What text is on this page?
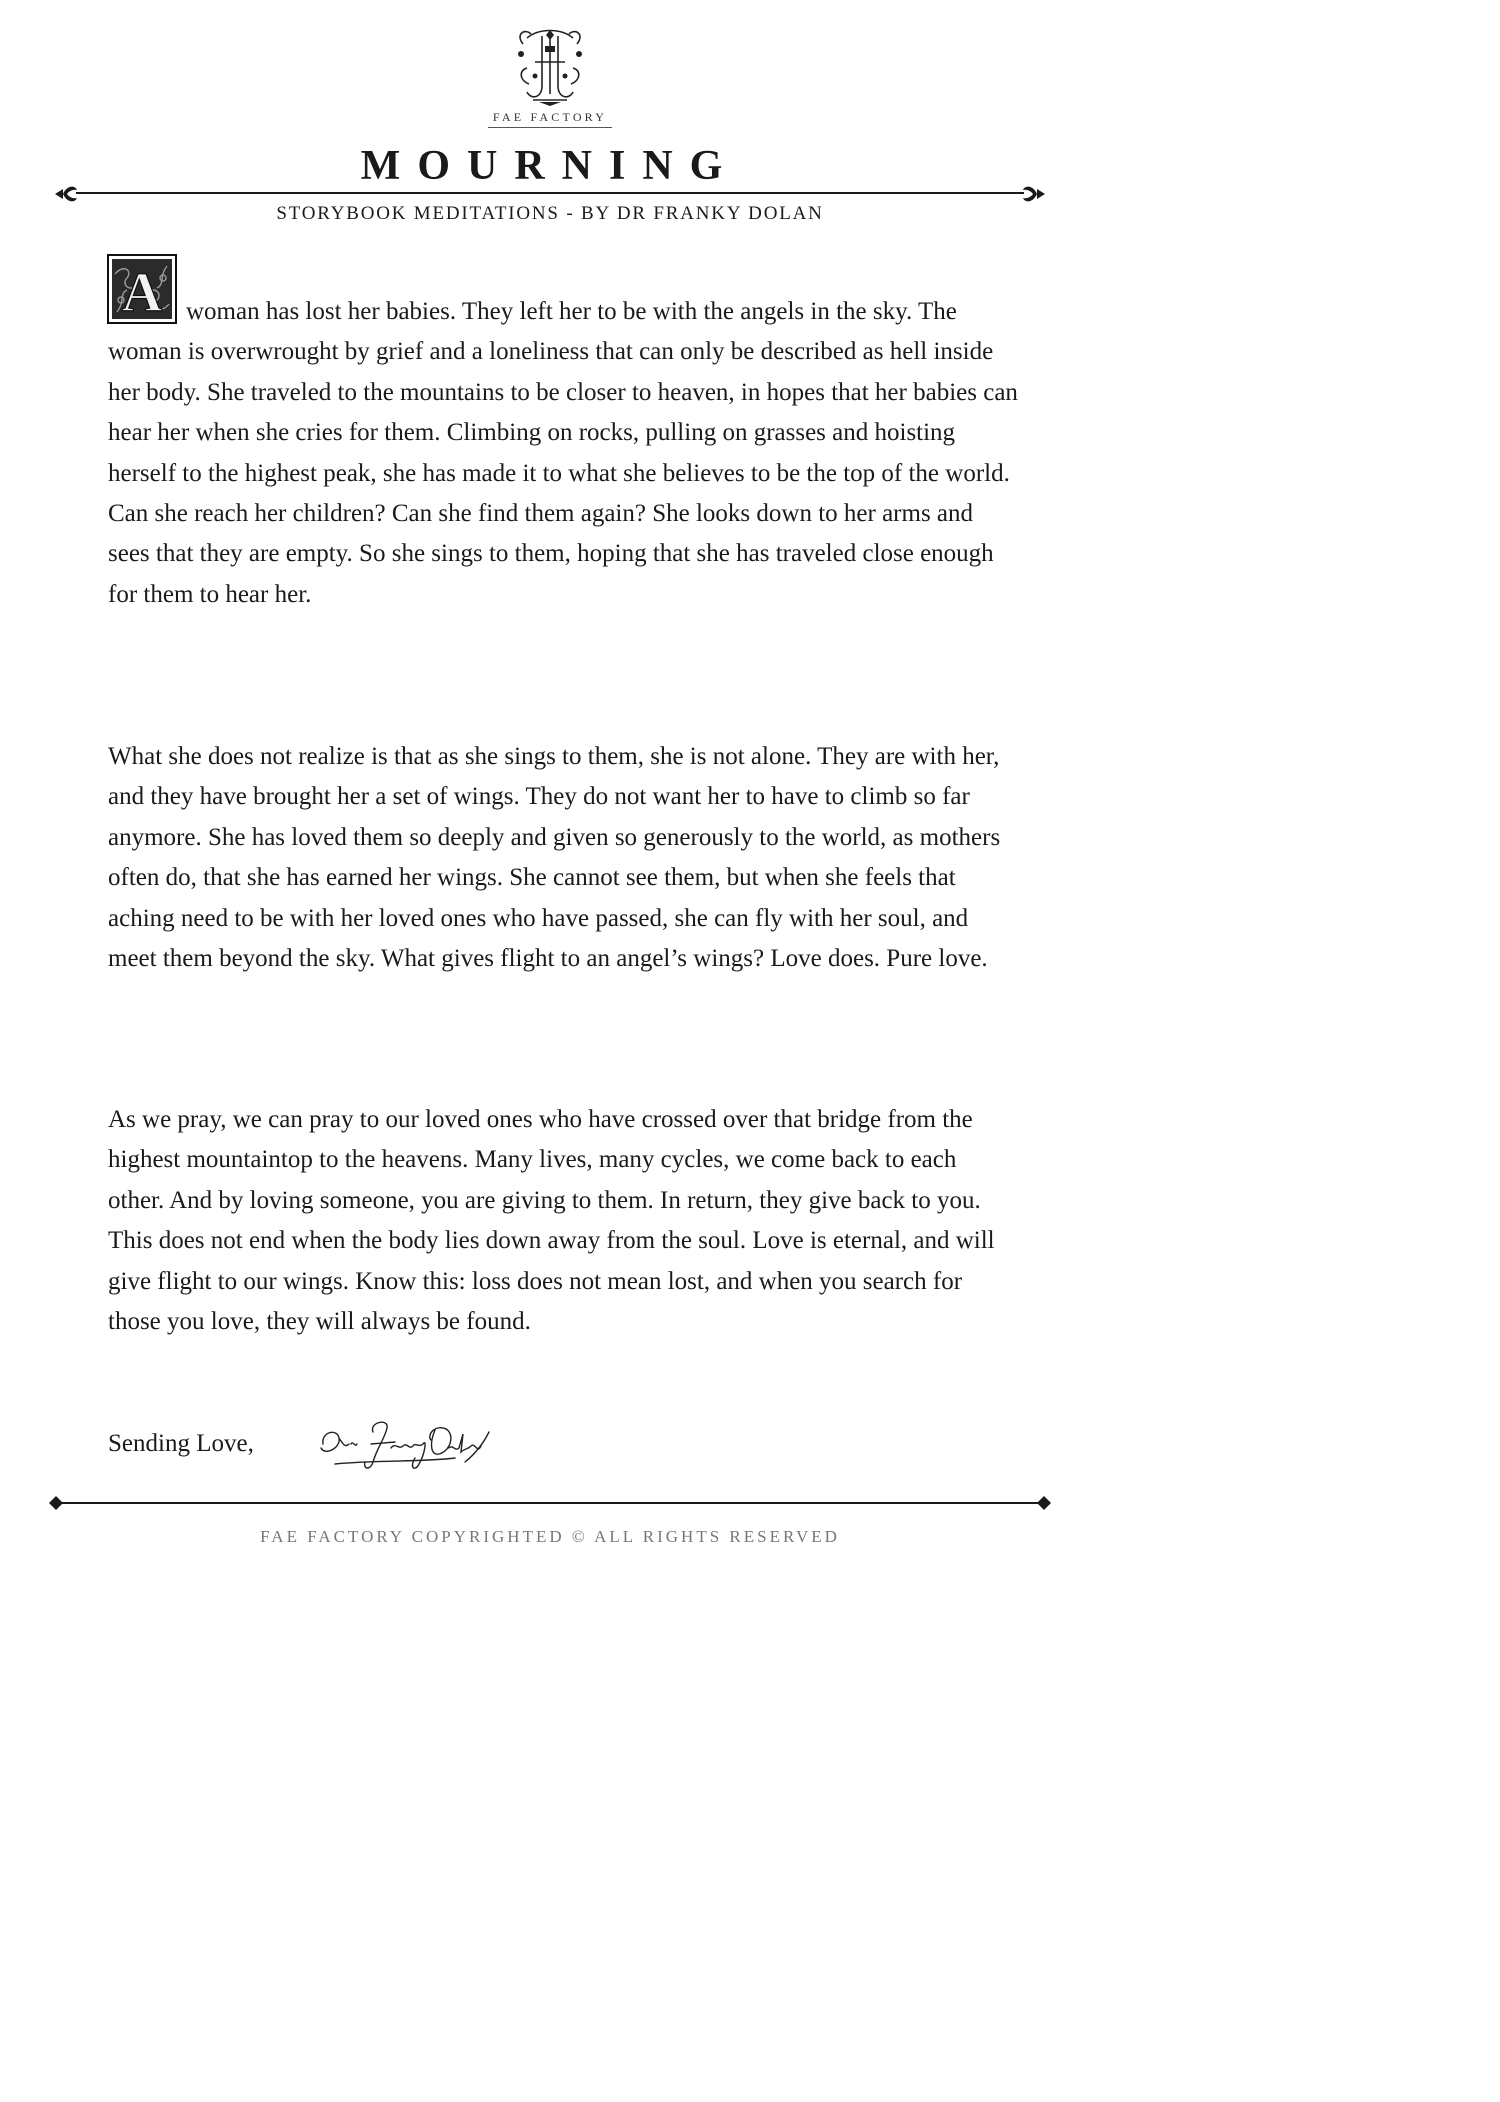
FAE FACTORY
MOURNING
STORYBOOK MEDITATIONS - BY DR FRANKY DOLAN
A woman has lost her babies. They left her to be with the angels in the sky. The woman is overwrought by grief and a loneliness that can only be described as hell inside her body. She traveled to the mountains to be closer to heaven, in hopes that her babies can hear her when she cries for them. Climbing on rocks, pulling on grasses and hoisting herself to the highest peak, she has made it to what she believes to be the top of the world. Can she reach her children? Can she find them again? She looks down to her arms and sees that they are empty. So she sings to them, hoping that she has traveled close enough for them to hear her.

What she does not realize is that as she sings to them, she is not alone. They are with her, and they have brought her a set of wings. They do not want her to have to climb so far anymore. She has loved them so deeply and given so generously to the world, as mothers often do, that she has earned her wings. She cannot see them, but when she feels that aching need to be with her loved ones who have passed, she can fly with her soul, and meet them beyond the sky. What gives flight to an angel’s wings? Love does. Pure love.

As we pray, we can pray to our loved ones who have crossed over that bridge from the highest mountaintop to the heavens. Many lives, many cycles, we come back to each other. And by loving someone, you are giving to them. In return, they give back to you. This does not end when the body lies down away from the soul. Love is eternal, and will give flight to our wings. Know this: loss does not mean lost, and when you search for those you love, they will always be found.

Sending Love,

FAE FACTORY COPYRIGHTED © ALL RIGHTS RESERVED
